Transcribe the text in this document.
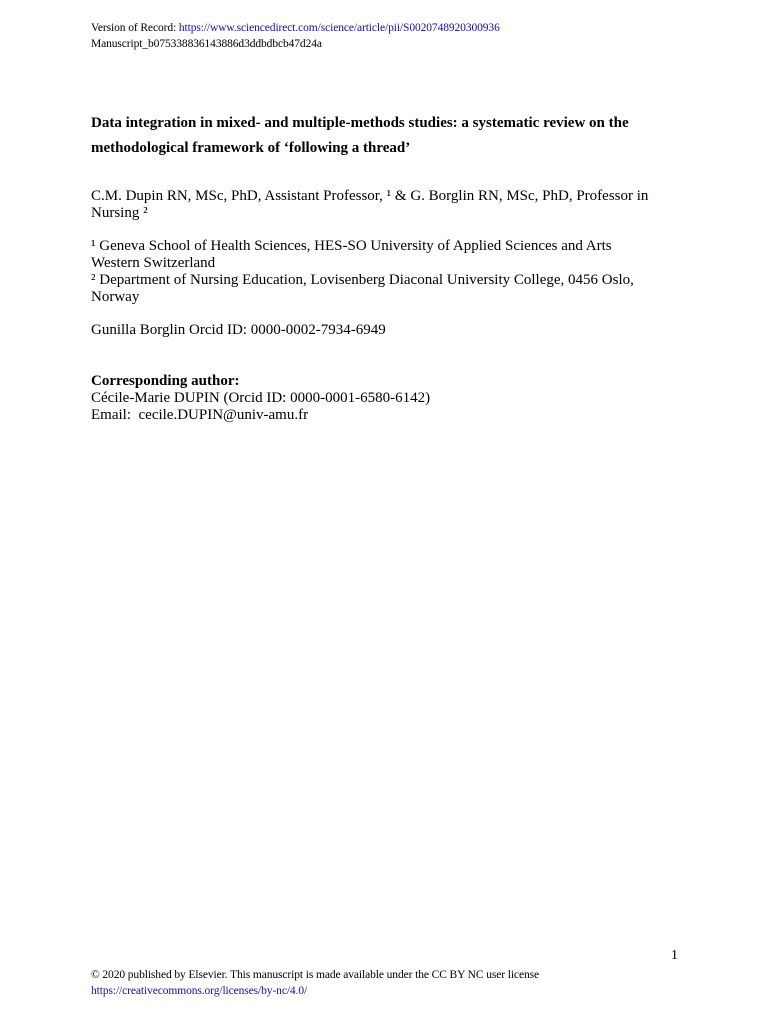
Version of Record: https://www.sciencedirect.com/science/article/pii/S0020748920300936
Manuscript_b075338836143886d3ddbdbcb47d24a
Data integration in mixed- and multiple-methods studies: a systematic review on the
methodological framework of ‘following a thread’
C.M. Dupin RN, MSc, PhD, Assistant Professor, ¹ & G. Borglin RN, MSc, PhD, Professor in
Nursing ²
¹ Geneva School of Health Sciences, HES-SO University of Applied Sciences and Arts
Western Switzerland
² Department of Nursing Education, Lovisenberg Diaconal University College, 0456 Oslo,
Norway
Gunilla Borglin Orcid ID: 0000-0002-7934-6949
Corresponding author:
Cécile-Marie DUPIN (Orcid ID: 0000-0001-6580-6142)
Email: cecile.DUPIN@univ-amu.fr
1
© 2020 published by Elsevier. This manuscript is made available under the CC BY NC user license
https://creativecommons.org/licenses/by-nc/4.0/
